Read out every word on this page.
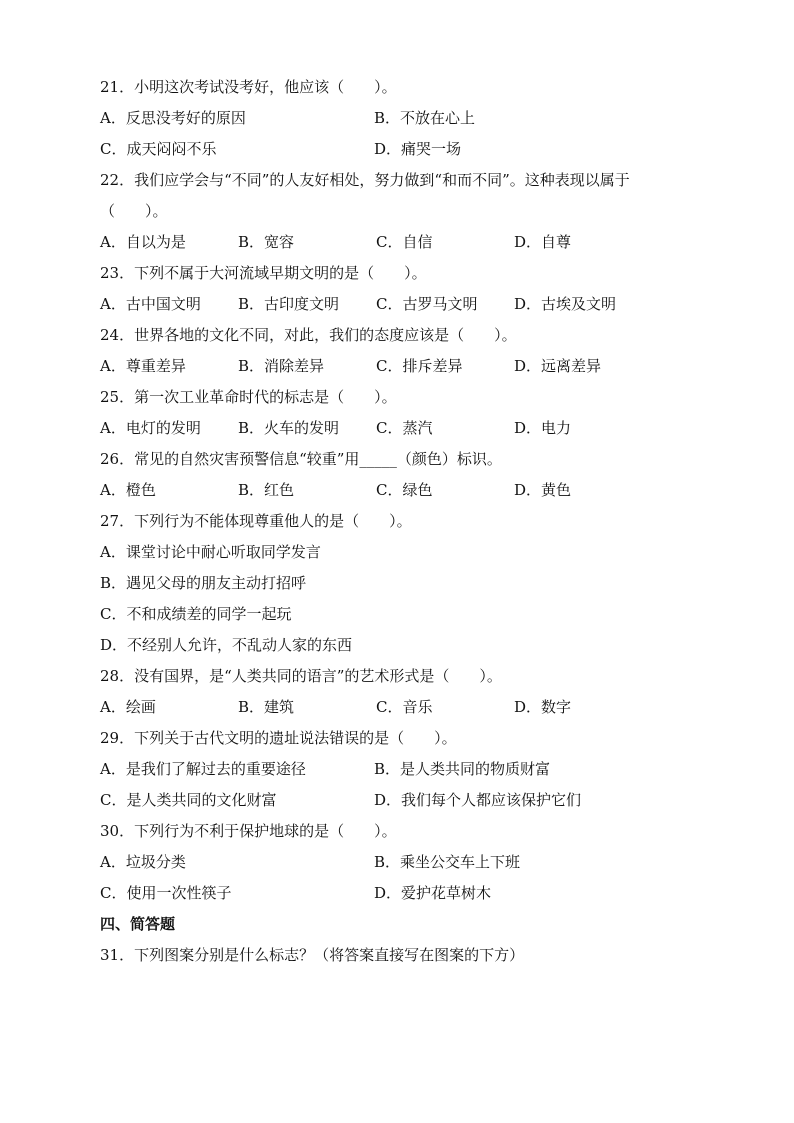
21．小明这次考试没考好，他应该（　　）。
A．反思没考好的原因	B．不放在心上
C．成天闷闷不乐	D．痛哭一场
22．我们应学会与“不同”的人友好相处，努力做到“和而不同”。这种表现以属于
（　　）。
A．自以为是	B．宽容	C．自信	D．自尊
23．下列不属于大河流域早期文明的是（　　）。
A．古中国文明	B．古印度文明	C．古罗马文明	D．古埃及文明
24．世界各地的文化不同，对此，我们的态度应该是（　　）。
A．尊重差异	B．消除差异	C．排斥差异	D．远离差异
25．第一次工业革命时代的标志是（　　）。
A．电灯的发明	B．火车的发明	C．蒸汽	D．电力
26．常见的自然灾害预警信息“较重”用_____（颜色）标识。
A．橙色	B．红色	C．绿色	D．黄色
27．下列行为不能体现尊重他人的是（　　）。
A．课堂讨论中耐心听取同学发言
B．遇见父母的朋友主动打招呼
C．不和成绩差的同学一起玩
D．不经别人允许，不乱动人家的东西
28．没有国界，是“人类共同的语言”的艺术形式是（　　）。
A．绘画	B．建筑	C．音乐	D．数字
29．下列关于古代文明的遗址说法错误的是（　　）。
A．是我们了解过去的重要途径	B．是人类共同的物质财富
C．是人类共同的文化财富	D．我们每个人都应该保护它们
30．下列行为不利于保护地球的是（　　）。
A．垃圾分类	B．乘坐公交车上下班
C．使用一次性筷子	D．爱护花草树木
四、简答题
31．下列图案分别是什么标志？（将答案直接写在图案的下方）
